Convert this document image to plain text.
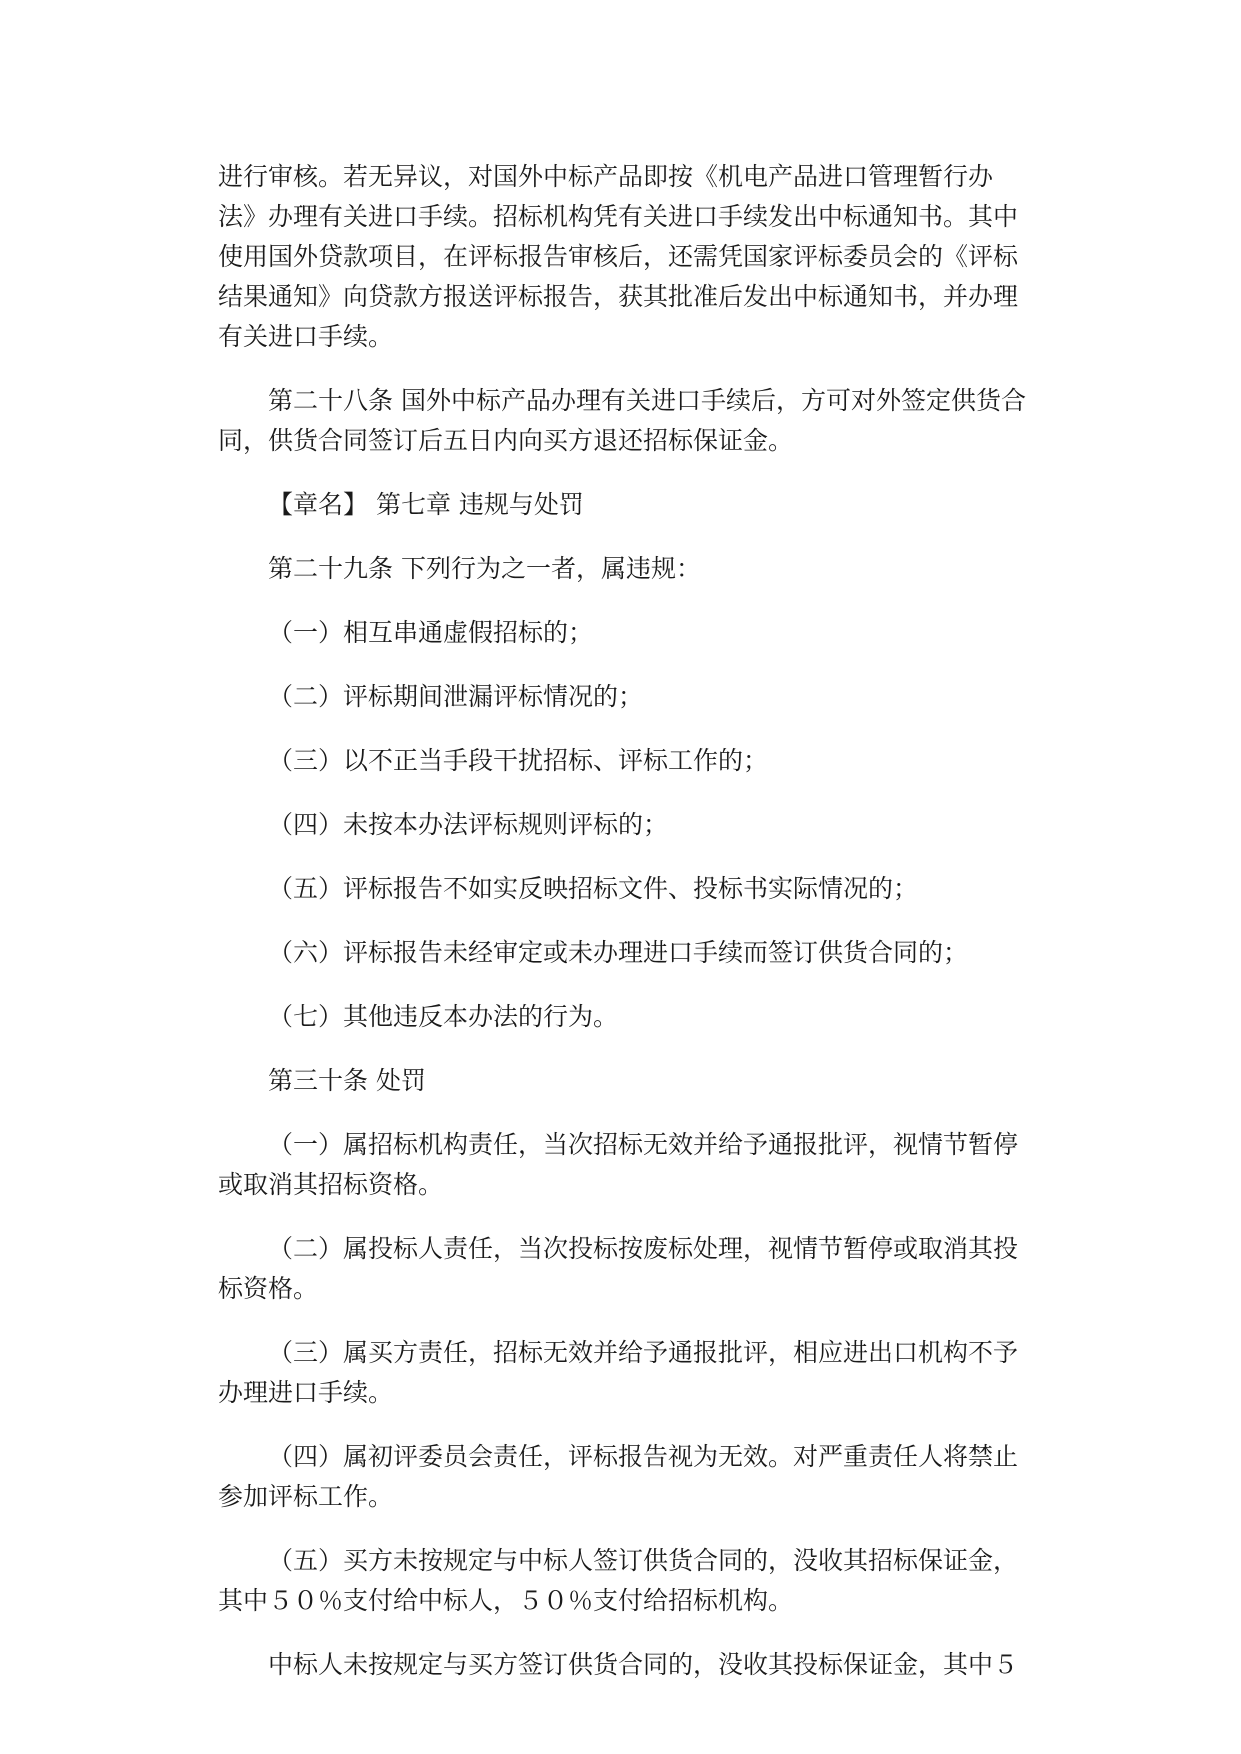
进行审核。若无异议，对国外中标产品即按《机电产品进口管理暂行办法》办理有关进口手续。招标机构凭有关进口手续发出中标通知书。其中使用国外贷款项目，在评标报告审核后，还需凭国家评标委员会的《评标结果通知》向贷款方报送评标报告，获其批准后发出中标通知书，并办理有关进口手续。

第二十八条 国外中标产品办理有关进口手续后，方可对外签定供货合同，供货合同签订后五日内向买方退还招标保证金。

【章名】 第七章 违规与处罚

第二十九条 下列行为之一者，属违规：

（一）相互串通虚假招标的；

（二）评标期间泄漏评标情况的；

（三）以不正当手段干扰招标、评标工作的；

（四）未按本办法评标规则评标的；

（五）评标报告不如实反映招标文件、投标书实际情况的；

（六）评标报告未经审定或未办理进口手续而签订供货合同的；

（七）其他违反本办法的行为。

第三十条 处罚

（一）属招标机构责任，当次招标无效并给予通报批评，视情节暂停或取消其招标资格。

（二）属投标人责任，当次投标按废标处理，视情节暂停或取消其投标资格。

（三）属买方责任，招标无效并给予通报批评，相应进出口机构不予办理进口手续。

（四）属初评委员会责任，评标报告视为无效。对严重责任人将禁止参加评标工作。

（五）买方未按规定与中标人签订供货合同的，没收其招标保证金，其中５０％支付给中标人，５０％支付给招标机构。

中标人未按规定与买方签订供货合同的，没收其投标保证金，其中５
